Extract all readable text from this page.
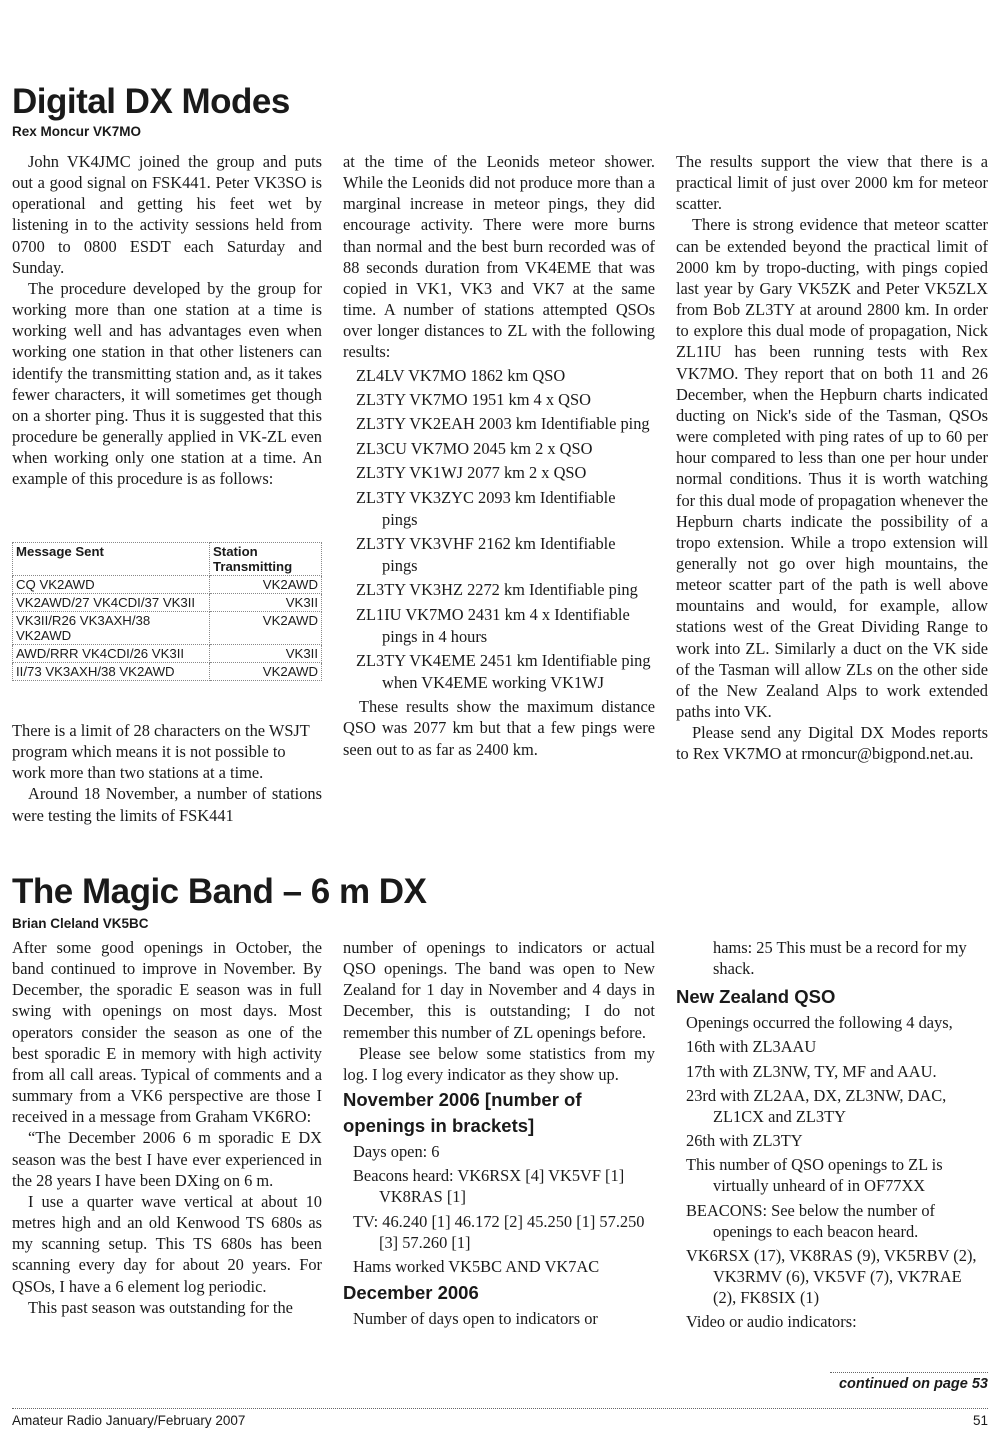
Digital DX Modes
Rex Moncur VK7MO

John VK4JMC joined the group and puts out a good signal on FSK441. Peter VK3SO is operational and getting his feet wet by listening in to the activity sessions held from 0700 to 0800 ESDT each Saturday and Sunday.

The procedure developed by the group for working more than one station at a time is working well and has advantages even when working one station in that other listeners can identify the transmitting station and, as it takes fewer characters, it will sometimes get though on a shorter ping. Thus it is suggested that this procedure be generally applied in VK-ZL even when working only one station at a time. An example of this procedure is as follows:

Message Sent	Station Transmitting
CQ VK2AWD	VK2AWD
VK2AWD/27 VK4CDI/37 VK3II	VK3II
VK3II/R26 VK3AXH/38 VK2AWD	VK2AWD
AWD/RRR VK4CDI/26 VK3II	VK3II
II/73 VK3AXH/38 VK2AWD	VK2AWD

There is a limit of 28 characters on the WSJT program which means it is not possible to work more than two stations at a time.

Around 18 November, a number of stations were testing the limits of FSK441

at the time of the Leonids meteor shower. While the Leonids did not produce more than a marginal increase in meteor pings, they did encourage activity. There were more burns than normal and the best burn recorded was of 88 seconds duration from VK4EME that was copied in VK1, VK3 and VK7 at the same time. A number of stations attempted QSOs over longer distances to ZL with the following results:

ZL4LV VK7MO 1862 km QSO

ZL3TY VK7MO 1951 km 4 x QSO

ZL3TY VK2EAH 2003 km Identifiable ping

ZL3CU VK7MO 2045 km 2 x QSO

ZL3TY VK1WJ 2077 km 2 x QSO

ZL3TY VK3ZYC 2093 km Identifiable pings

ZL3TY VK3VHF 2162 km Identifiable pings

ZL3TY VK3HZ 2272 km Identifiable ping

ZL1IU VK7MO 2431 km 4 x Identifiable pings in 4 hours

ZL3TY VK4EME 2451 km Identifiable ping when VK4EME working VK1WJ

These results show the maximum distance QSO was 2077 km but that a few pings were seen out to as far as 2400 km.

The results support the view that there is a practical limit of just over 2000 km for meteor scatter.

There is strong evidence that meteor scatter can be extended beyond the practical limit of 2000 km by tropo-ducting, with pings copied last year by Gary VK5ZK and Peter VK5ZLX from Bob ZL3TY at around 2800 km. In order to explore this dual mode of propagation, Nick ZL1IU has been running tests with Rex VK7MO. They report that on both 11 and 26 December, when the Hepburn charts indicated ducting on Nick's side of the Tasman, QSOs were completed with ping rates of up to 60 per hour compared to less than one per hour under normal conditions. Thus it is worth watching for this dual mode of propagation whenever the Hepburn charts indicate the possibility of a tropo extension. While a tropo extension will generally not go over high mountains, the meteor scatter part of the path is well above mountains and would, for example, allow stations west of the Great Dividing Range to work into ZL. Similarly a duct on the VK side of the Tasman will allow ZLs on the other side of the New Zealand Alps to work extended paths into VK.

Please send any Digital DX Modes reports to Rex VK7MO at rmoncur@bigpond.net.au.

The Magic Band – 6 m DX
Brian Cleland VK5BC

After some good openings in October, the band continued to improve in November. By December, the sporadic E season was in full swing with openings on most days. Most operators consider the season as one of the best sporadic E in memory with high activity from all call areas. Typical of comments and a summary from a VK6 perspective are those I received in a message from Graham VK6RO:

“The December 2006 6 m sporadic E DX season was the best I have ever experienced in the 28 years I have been DXing on 6 m.

I use a quarter wave vertical at about 10 metres high and an old Kenwood TS 680s as my scanning setup. This TS 680s has been scanning every day for about 20 years. For QSOs, I have a 6 element log periodic.

This past season was outstanding for the

number of openings to indicators or actual QSO openings. The band was open to New Zealand for 1 day in November and 4 days in December, this is outstanding; I do not remember this number of ZL openings before.

Please see below some statistics from my log. I log every indicator as they show up.

November 2006 [number of openings in brackets]

Days open: 6

Beacons heard: VK6RSX [4] VK5VF [1] VK8RAS [1]

TV: 46.240 [1] 46.172 [2] 45.250 [1] 57.250 [3] 57.260 [1]

Hams worked VK5BC AND VK7AC

December 2006

Number of days open to indicators or

hams: 25 This must be a record for my shack.

New Zealand QSO

Openings occurred the following 4 days,

16th with ZL3AAU

17th with ZL3NW, TY, MF and AAU.

23rd with ZL2AA, DX, ZL3NW, DAC, ZL1CX and ZL3TY

26th with ZL3TY

This number of QSO openings to ZL is virtually unheard of in OF77XX

BEACONS: See below the number of openings to each beacon heard.

VK6RSX (17), VK8RAS (9), VK5RBV (2), VK3RMV (6), VK5VF (7), VK7RAE (2), FK8SIX (1)

Video or audio indicators:

continued on page 53
Amateur Radio January/February 2007	51
